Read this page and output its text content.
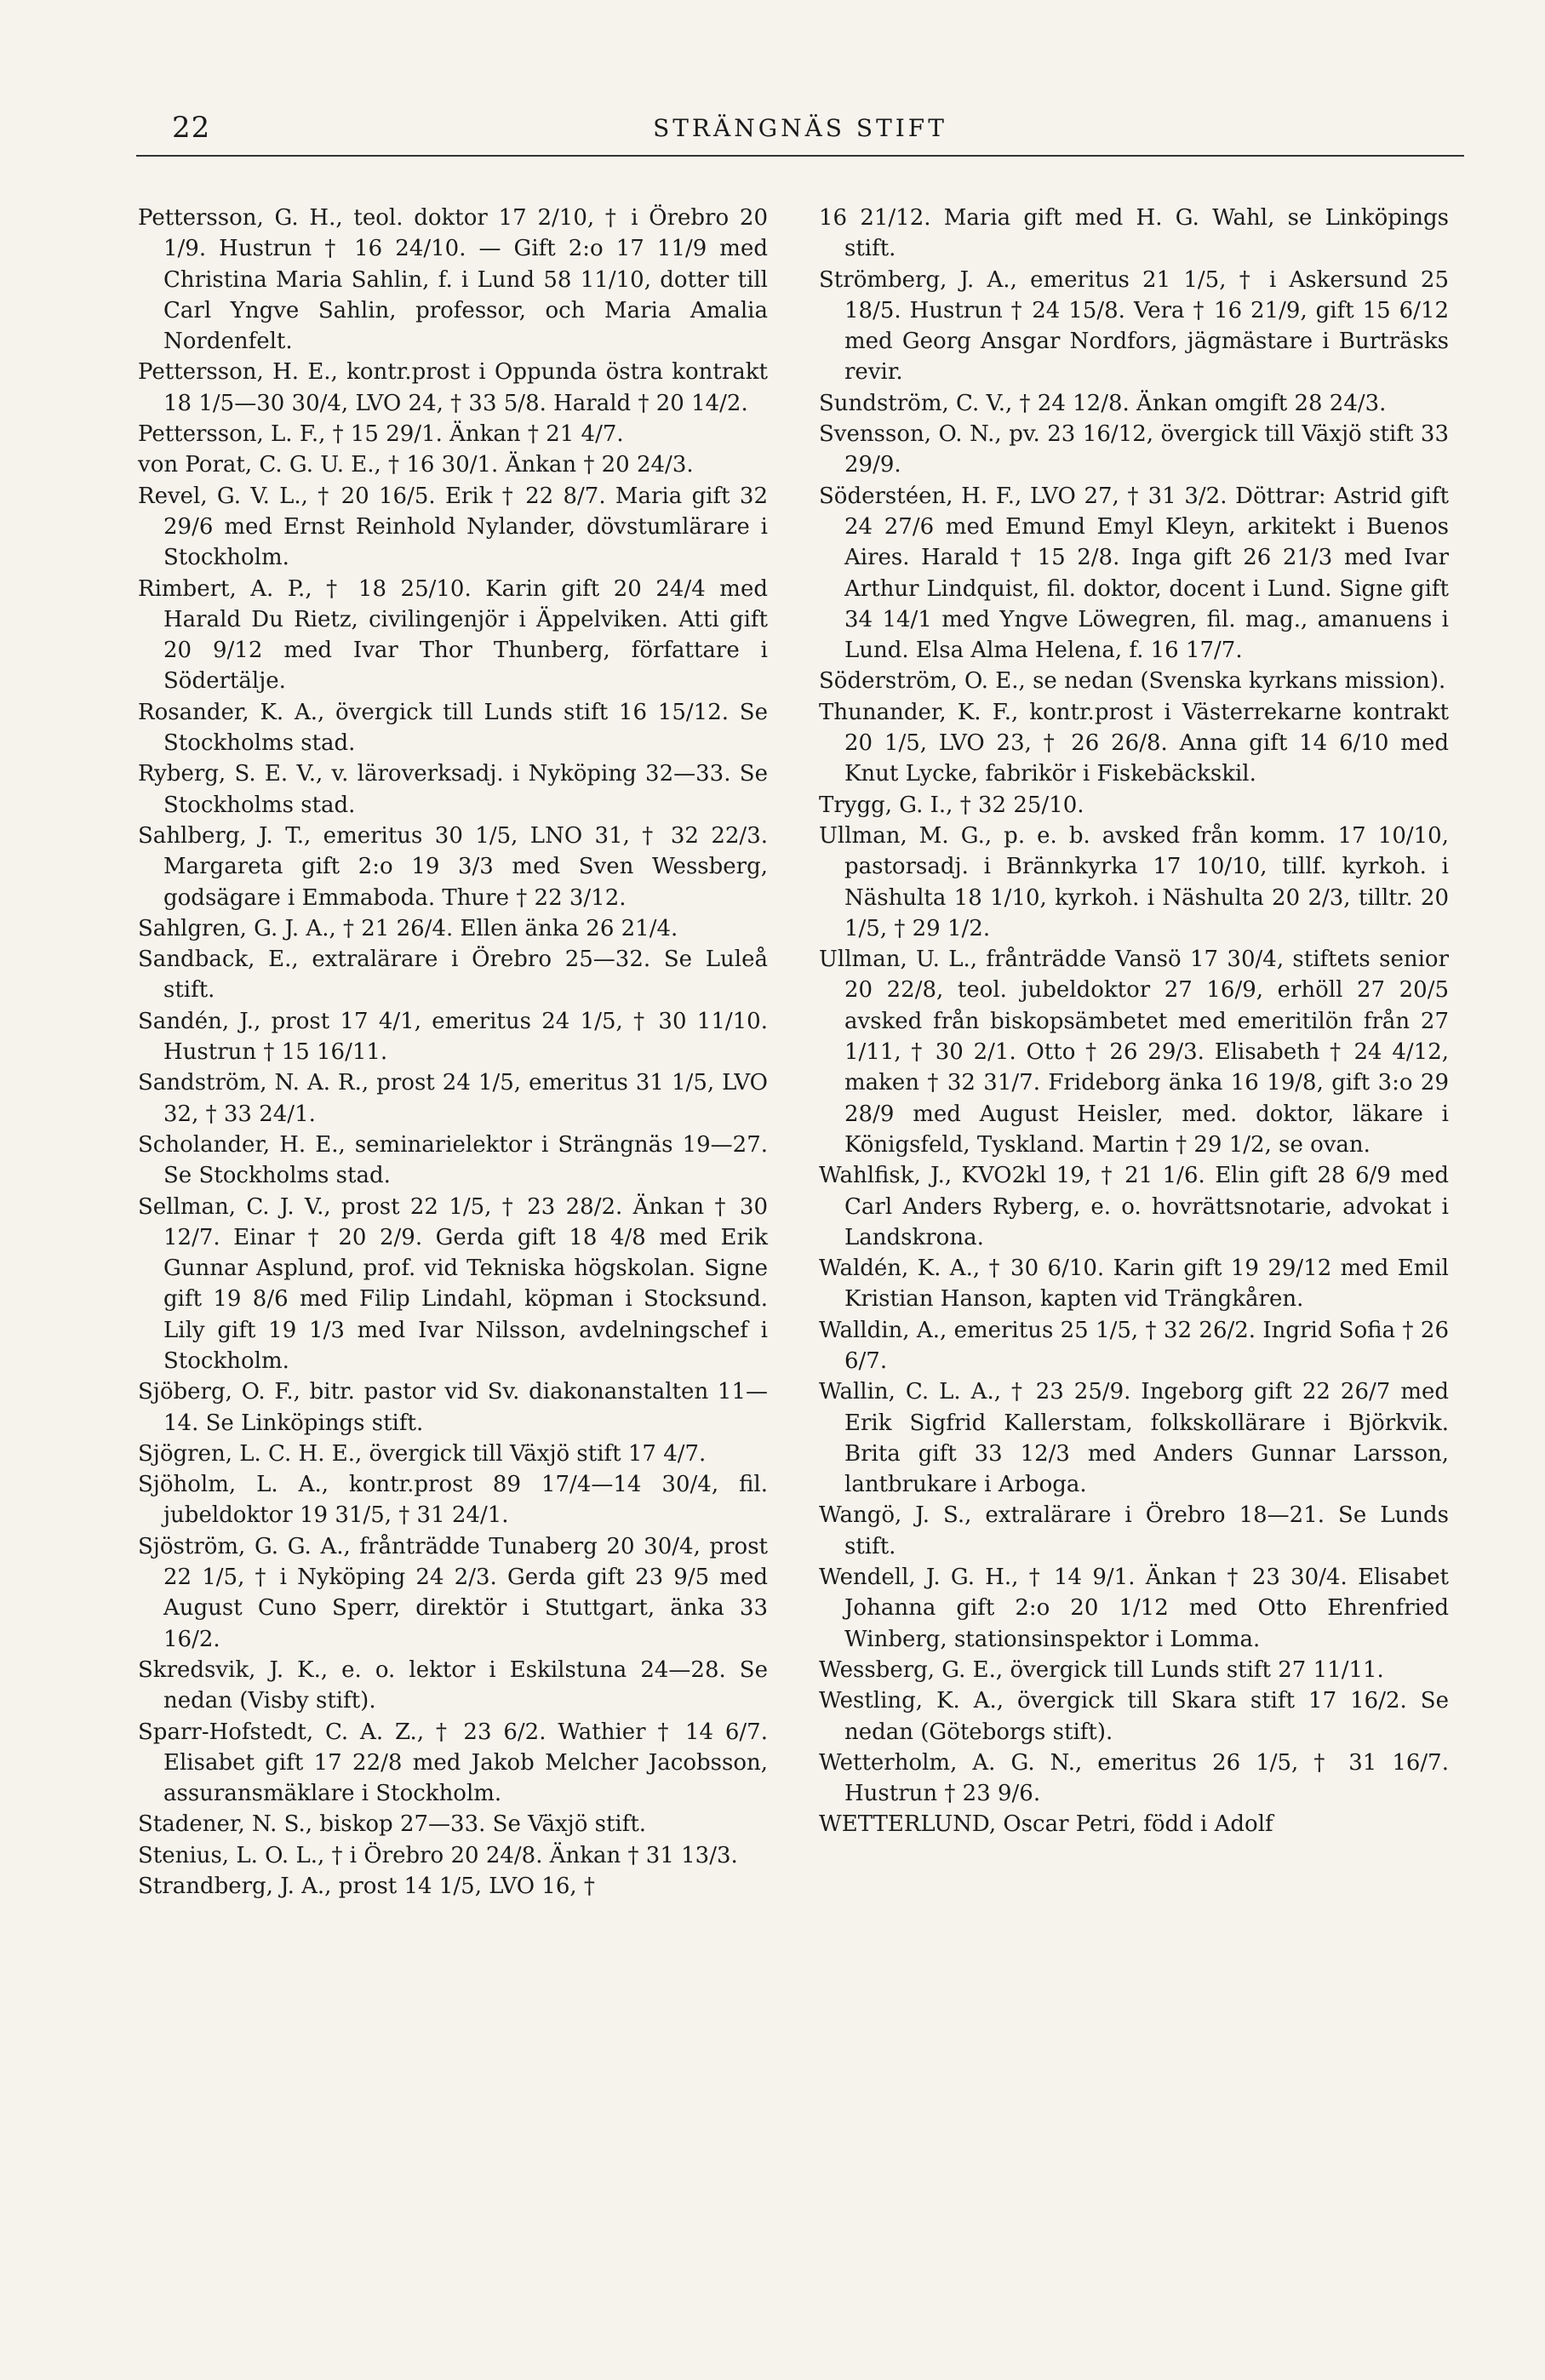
22	STRÄNGNÄS STIFT

Pettersson, G. H., teol. doktor 17 2/10, † i Örebro 20 1/9. Hustrun † 16 24/10. — Gift 2:o 17 11/9 med Christina Maria Sahlin, f. i Lund 58 11/10, dotter till Carl Yngve Sahlin, professor, och Maria Amalia Nordenfelt.

Pettersson, H. E., kontr.prost i Oppunda östra kontrakt 18 1/5—30 30/4, LVO 24, † 33 5/8. Harald † 20 14/2.

Pettersson, L. F., † 15 29/1. Änkan † 21 4/7.

von Porat, C. G. U. E., † 16 30/1. Änkan † 20 24/3.

Revel, G. V. L., † 20 16/5. Erik † 22 8/7. Maria gift 32 29/6 med Ernst Reinhold Nylander, dövstumlärare i Stockholm.

Rimbert, A. P., † 18 25/10. Karin gift 20 24/4 med Harald Du Rietz, civilingenjör i Äppelviken. Atti gift 20 9/12 med Ivar Thor Thunberg, författare i Södertälje.

Rosander, K. A., övergick till Lunds stift 16 15/12. Se Stockholms stad.

Ryberg, S. E. V., v. läroverksadj. i Nyköping 32—33. Se Stockholms stad.

Sahlberg, J. T., emeritus 30 1/5, LNO 31, † 32 22/3. Margareta gift 2:o 19 3/3 med Sven Wessberg, godsägare i Emmaboda. Thure † 22 3/12.

Sahlgren, G. J. A., † 21 26/4. Ellen änka 26 21/4.

Sandback, E., extralärare i Örebro 25—32. Se Luleå stift.

Sandén, J., prost 17 4/1, emeritus 24 1/5, † 30 11/10. Hustrun † 15 16/11.

Sandström, N. A. R., prost 24 1/5, emeritus 31 1/5, LVO 32, † 33 24/1.

Scholander, H. E., seminarielektor i Strängnäs 19—27. Se Stockholms stad.

Sellman, C. J. V., prost 22 1/5, † 23 28/2. Änkan † 30 12/7. Einar † 20 2/9. Gerda gift 18 4/8 med Erik Gunnar Asplund, prof. vid Tekniska högskolan. Signe gift 19 8/6 med Filip Lindahl, köpman i Stocksund. Lily gift 19 1/3 med Ivar Nilsson, avdelningschef i Stockholm.

Sjöberg, O. F., bitr. pastor vid Sv. diakonanstalten 11—14. Se Linköpings stift.

Sjögren, L. C. H. E., övergick till Växjö stift 17 4/7.

Sjöholm, L. A., kontr.prost 89 17/4—14 30/4, fil. jubeldoktor 19 31/5, † 31 24/1.

Sjöström, G. G. A., frånträdde Tunaberg 20 30/4, prost 22 1/5, † i Nyköping 24 2/3. Gerda gift 23 9/5 med August Cuno Sperr, direktör i Stuttgart, änka 33 16/2.

Skredsvik, J. K., e. o. lektor i Eskilstuna 24—28. Se nedan (Visby stift).

Sparr-Hofstedt, C. A. Z., † 23 6/2. Wathier † 14 6/7. Elisabet gift 17 22/8 med Jakob Melcher Jacobsson, assuransmäklare i Stockholm.

Stadener, N. S., biskop 27—33. Se Växjö stift.

Stenius, L. O. L., † i Örebro 20 24/8. Änkan † 31 13/3.

Strandberg, J. A., prost 14 1/5, LVO 16, †

16 21/12. Maria gift med H. G. Wahl, se Linköpings stift.

Strömberg, J. A., emeritus 21 1/5, † i Askersund 25 18/5. Hustrun † 24 15/8. Vera † 16 21/9, gift 15 6/12 med Georg Ansgar Nordfors, jägmästare i Burträsks revir.

Sundström, C. V., † 24 12/8. Änkan omgift 28 24/3.

Svensson, O. N., pv. 23 16/12, övergick till Växjö stift 33 29/9.

Söderstéen, H. F., LVO 27, † 31 3/2. Döttrar: Astrid gift 24 27/6 med Emund Emyl Kleyn, arkitekt i Buenos Aires. Harald † 15 2/8. Inga gift 26 21/3 med Ivar Arthur Lindquist, fil. doktor, docent i Lund. Signe gift 34 14/1 med Yngve Löwegren, fil. mag., amanuens i Lund. Elsa Alma Helena, f. 16 17/7.

Söderström, O. E., se nedan (Svenska kyrkans mission).

Thunander, K. F., kontr.prost i Västerrekarne kontrakt 20 1/5, LVO 23, † 26 26/8. Anna gift 14 6/10 med Knut Lycke, fabrikör i Fiskebäckskil.

Trygg, G. I., † 32 25/10.

Ullman, M. G., p. e. b. avsked från komm. 17 10/10, pastorsadj. i Brännkyrka 17 10/10, tillf. kyrkoh. i Näshulta 18 1/10, kyrkoh. i Näshulta 20 2/3, tilltr. 20 1/5, † 29 1/2.

Ullman, U. L., frånträdde Vansö 17 30/4, stiftets senior 20 22/8, teol. jubeldoktor 27 16/9, erhöll 27 20/5 avsked från biskopsämbetet med emeritilön från 27 1/11, † 30 2/1. Otto † 26 29/3. Elisabeth † 24 4/12, maken † 32 31/7. Frideborg änka 16 19/8, gift 3:o 29 28/9 med August Heisler, med. doktor, läkare i Königsfeld, Tyskland. Martin † 29 1/2, se ovan.

Wahlfisk, J., KVO2kl 19, † 21 1/6. Elin gift 28 6/9 med Carl Anders Ryberg, e. o. hovrättsnotarie, advokat i Landskrona.

Waldén, K. A., † 30 6/10. Karin gift 19 29/12 med Emil Kristian Hanson, kapten vid Trängkåren.

Walldin, A., emeritus 25 1/5, † 32 26/2. Ingrid Sofia † 26 6/7.

Wallin, C. L. A., † 23 25/9. Ingeborg gift 22 26/7 med Erik Sigfrid Kallerstam, folkskollärare i Björkvik. Brita gift 33 12/3 med Anders Gunnar Larsson, lantbrukare i Arboga.

Wangö, J. S., extralärare i Örebro 18—21. Se Lunds stift.

Wendell, J. G. H., † 14 9/1. Änkan † 23 30/4. Elisabet Johanna gift 2:o 20 1/12 med Otto Ehrenfried Winberg, stationsinspektor i Lomma.

Wessberg, G. E., övergick till Lunds stift 27 11/11.

Westling, K. A., övergick till Skara stift 17 16/2. Se nedan (Göteborgs stift).

Wetterholm, A. G. N., emeritus 26 1/5, † 31 16/7. Hustrun † 23 9/6.

WETTERLUND, Oscar Petri, född i Adolf
